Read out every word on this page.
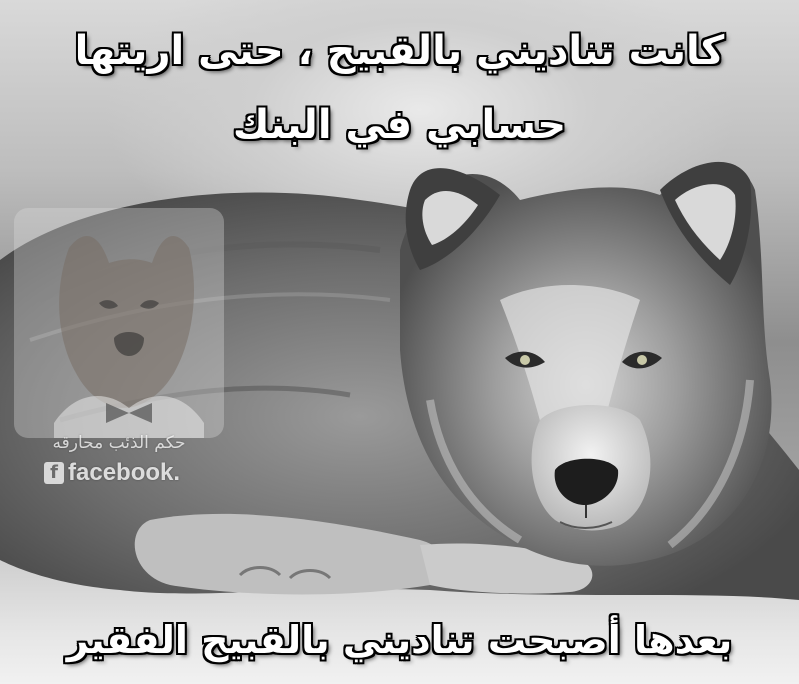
حكم الذئب محارقه
f facebook.
كانت تناديني بالقبيح ، حتى اريتها
حسابي في البنك
بعدها أصبحت تناديني بالقبيح الفقير
